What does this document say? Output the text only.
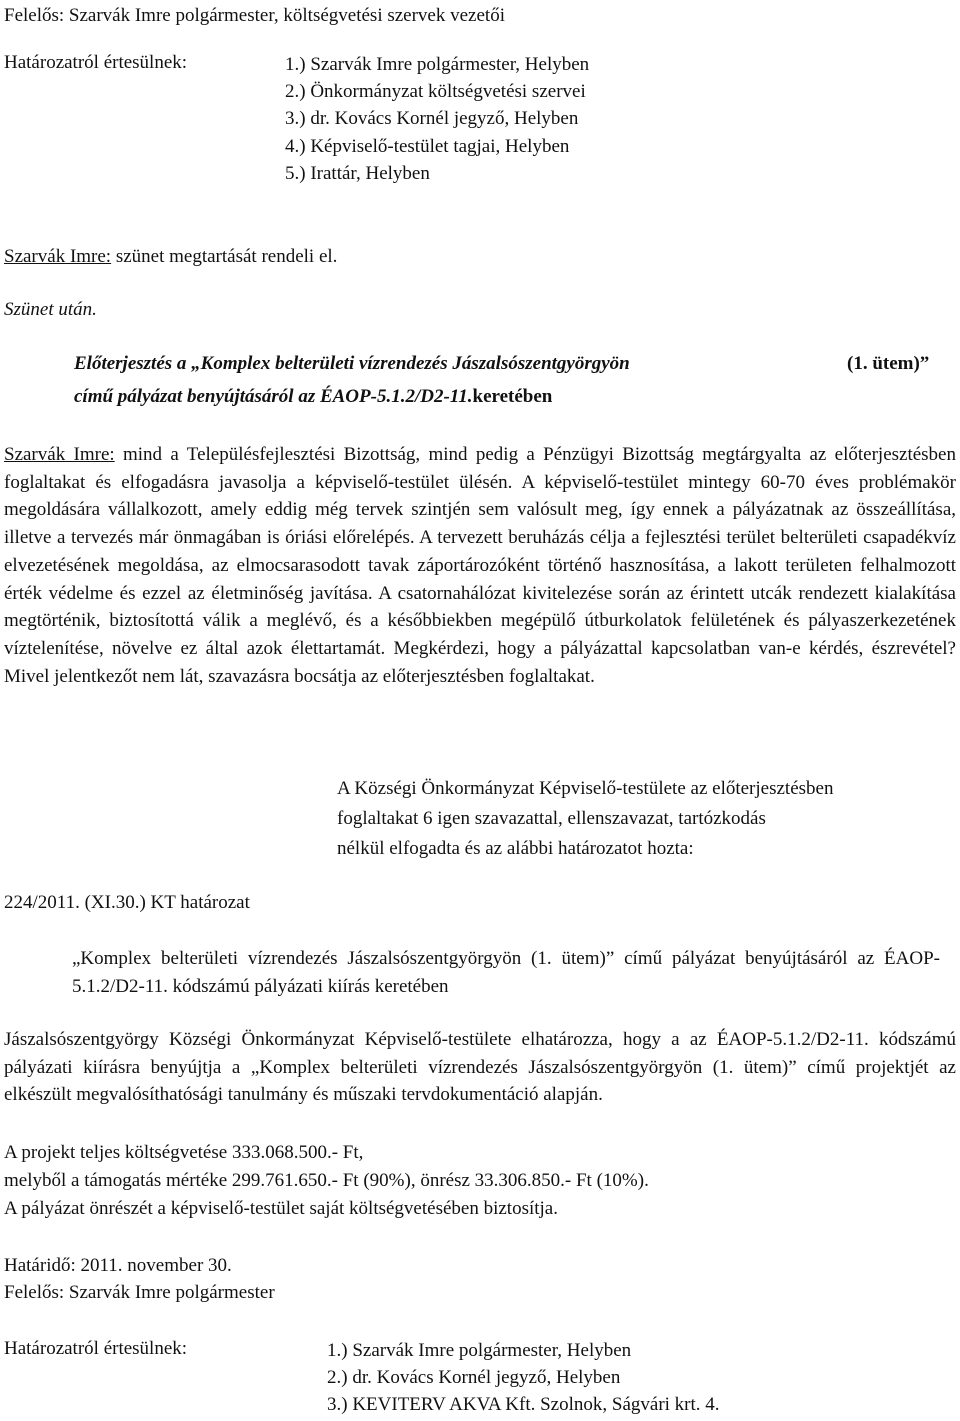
Felelős: Szarvák Imre polgármester, költségvetési szervek vezetői
Határozatról értesülnek:	1.) Szarvák Imre polgármester, Helyben
2.) Önkormányzat költségvetési szervei
3.) dr. Kovács Kornél jegyző, Helyben
4.) Képviselő-testület tagjai, Helyben
5.) Irattár, Helyben
Szarvák Imre: szünet megtartását rendeli el.
Szünet után.
Előterjesztés a „Komplex belterületi vízrendezés Jászalsószentgyörgyön	(1. ütem)”
című pályázat benyújtásáról az ÉAOP-5.1.2/D2-11.keretében
Szarvák Imre: mind a Településfejlesztési Bizottság, mind pedig a Pénzügyi Bizottság megtárgyalta az előterjesztésben foglaltakat és elfogadásra javasolja a képviselő-testület ülésén. A képviselő-testület mintegy 60-70 éves problémakör megoldására vállalkozott, amely eddig még tervek szintjén sem valósult meg, így ennek a pályázatnak az összeállítása, illetve a tervezés már önmagában is óriási előrelépés. A tervezett beruházás célja a fejlesztési terület belterületi csapadékvíz elvezetésének megoldása, az elmocsarasodott tavak záportározóként történő hasznosítása, a lakott területen felhalmozott érték védelme és ezzel az életminőség javítása. A csatornahálózat kivitelezése során az érintett utcák rendezett kialakítása megtörténik, biztosítottá válik a meglévő, és a későbbiekben megépülő útburkolatok felületének és pályaszerkezetének víztelenítése, növelve ez által azok élettartamát. Megkérdezi, hogy a pályázattal kapcsolatban van-e kérdés, észrevétel? Mivel jelentkezőt nem lát, szavazásra bocsátja az előterjesztésben foglaltakat.
A Községi Önkormányzat Képviselő-testülete az előterjesztésben
foglaltakat 6 igen szavazattal, ellenszavazat, tartózkodás
nélkül elfogadta és az alábbi határozatot hozta:
224/2011. (XI.30.) KT határozat
„Komplex belterületi vízrendezés Jászalsószentgyörgyön (1. ütem)” című pályázat benyújtásáról az ÉAOP-5.1.2/D2-11. kódszámú pályázati kiírás keretében
Jászalsószentgyörgy Községi Önkormányzat Képviselő-testülete elhatározza, hogy a az ÉAOP-5.1.2/D2-11. kódszámú pályázati kiírásra benyújtja a „Komplex belterületi vízrendezés Jászalsószentgyörgyön (1. ütem)” című projektjét az elkészült megvalósíthatósági tanulmány és műszaki tervdokumentáció alapján.
A projekt teljes költségvetése 333.068.500.- Ft,
melyből a támogatás mértéke 299.761.650.- Ft (90%), önrész 33.306.850.- Ft (10%).
A pályázat önrészét a képviselő-testület saját költségvetésében biztosítja.
Határidő: 2011. november 30.
Felelős: Szarvák Imre polgármester
Határozatról értesülnek:	1.) Szarvák Imre polgármester, Helyben
2.) dr. Kovács Kornél jegyző, Helyben
3.) KEVITERV AKVA Kft. Szolnok, Ságvári krt. 4.
